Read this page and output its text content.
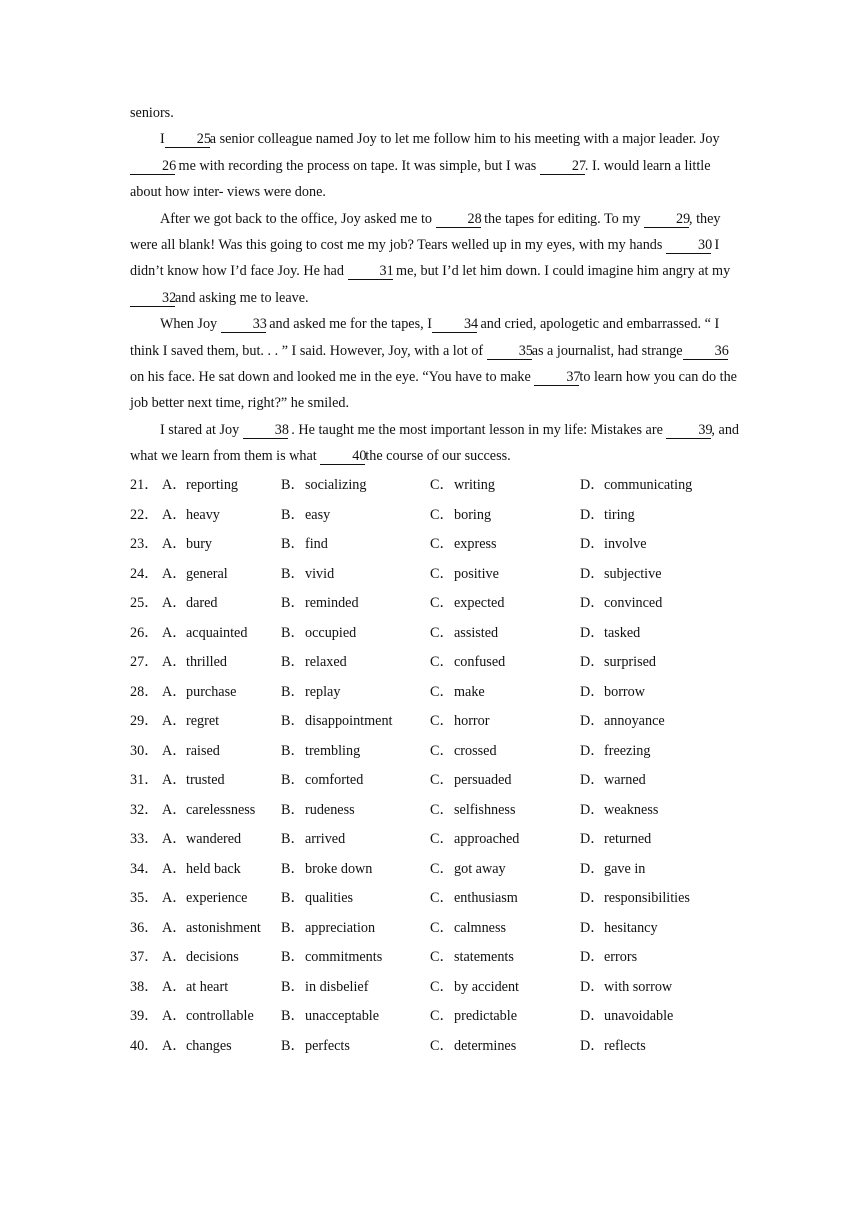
seniors.

I 25a senior colleague named Joy to let me follow him to his meeting with a major leader. Joy26 me with recording the process on tape. It was simple, but I was 27. I. would learn a little about how inter- views were done.

After we got back to the office, Joy asked me to 28 the tapes for editing. To my 29, they were all blank! Was this going to cost me my job? Tears welled up in my eyes, with my hands 30 I didn’t know how I’d face Joy. He had 31 me, but I’d let him down. I could imagine him angry at my32and asking me to leave.

When Joy 33 and asked me for the tapes, I 34 and cried, apologetic and embarrassed. “ I think I saved them, but. . . ” I said. However, Joy, with a lot of 35as a journalist, had strange 36on his face. He sat down and looked me in the eye. “You have to make 37to learn how you can do the job better next time, right?” he smiled.

I stared at Joy 38 . He taught me the most important lesson in my life: Mistakes are 39, and what we learn from them is what 40the course of our success.

21． A．reporting	B．socializing	C．writing	D．communicating
22． A．heavy	B．easy	C．boring	D．tiring
23． A．bury	B．find	C．express	D．involve
24． A．general	B．vivid	C．positive	D．subjective
25． A．dared	B．reminded	C．expected	D．convinced
26． A．acquainted B．occupied	C．assisted	D．tasked
27． A．thrilled	B．relaxed	C．confused	D．surprised
28． A．purchase	B．replay	C．make	D．borrow
29． A．regret	B．disappointment	C．horror	D．annoyance
30． A．raised	B．trembling	C．crossed	D．freezing
31． A．trusted	B．comforted	C．persuaded	D．warned
32． A．carelessness B．rudeness	C．selfishness	D．weakness
33． A．wandered	B．arrived	C．approached	D．returned
34． A．held back	B．broke down	C．got away	D．gave in
35． A．experience B．qualities	C．enthusiasm	D．responsibilities
36． A．astonishment B．appreciation	C．calmness	D．hesitancy
37． A．decisions	B．commitments	C．statements	D．errors
38． A．at heart	B．in disbelief	C．by accident	D．with sorrow
39． A．controllable B．unacceptable	C．predictable	D．unavoidable
40． A．changes	B．perfects	C．determines	D．reflects
